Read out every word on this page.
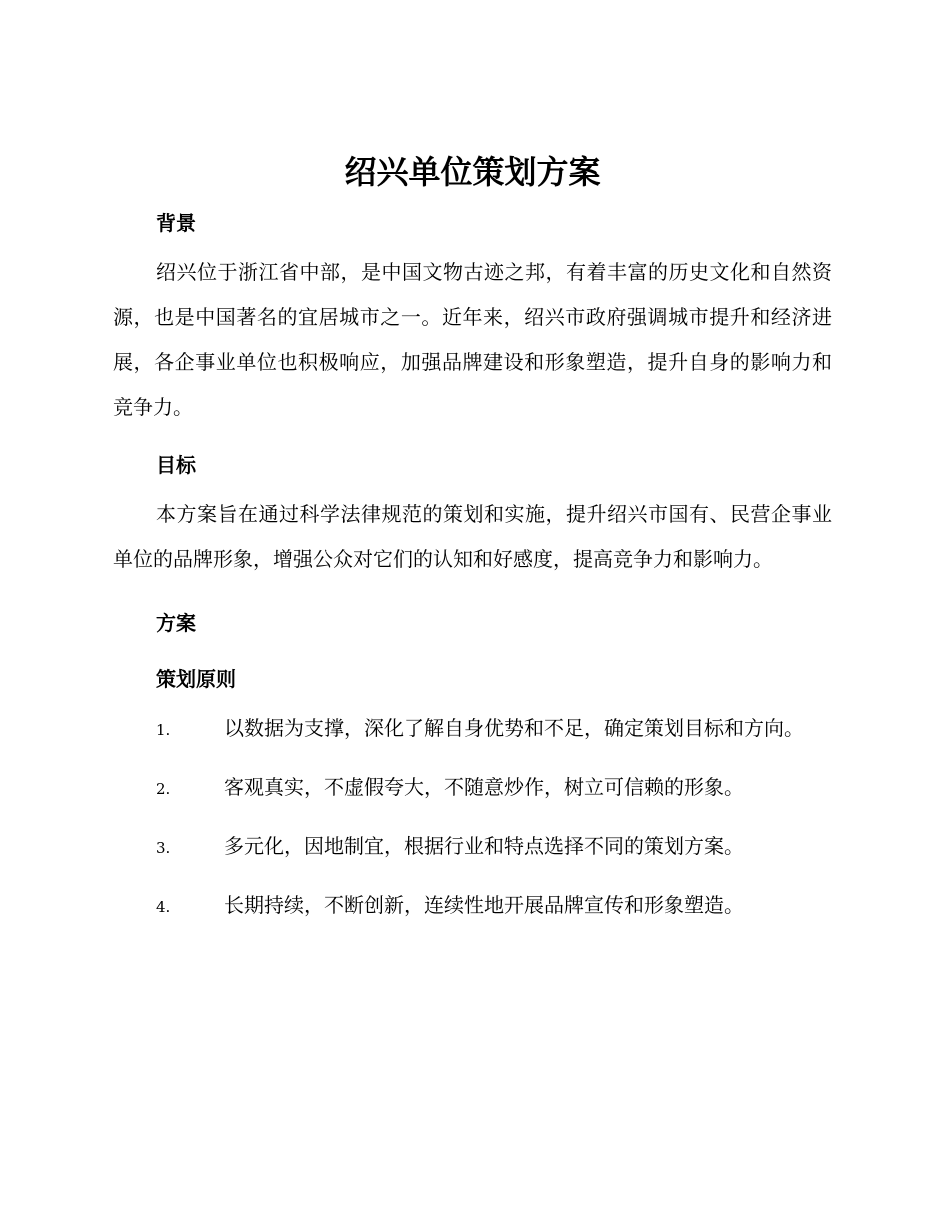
绍兴单位策划方案
背景

绍兴位于浙江省中部，是中国文物古迹之邦，有着丰富的历史文化和自然资源，也是中国著名的宜居城市之一。近年来，绍兴市政府强调城市提升和经济进展，各企事业单位也积极响应，加强品牌建设和形象塑造，提升自身的影响力和竞争力。

目标

本方案旨在通过科学法律规范的策划和实施，提升绍兴市国有、民营企事业单位的品牌形象，增强公众对它们的认知和好感度，提高竞争力和影响力。

方案
策划原则

1.	以数据为支撑，深化了解自身优势和不足，确定策划目标和方向。

2.	客观真实，不虚假夸大，不随意炒作，树立可信赖的形象。

3.	多元化，因地制宜，根据行业和特点选择不同的策划方案。

4.	长期持续，不断创新，连续性地开展品牌宣传和形象塑造。
